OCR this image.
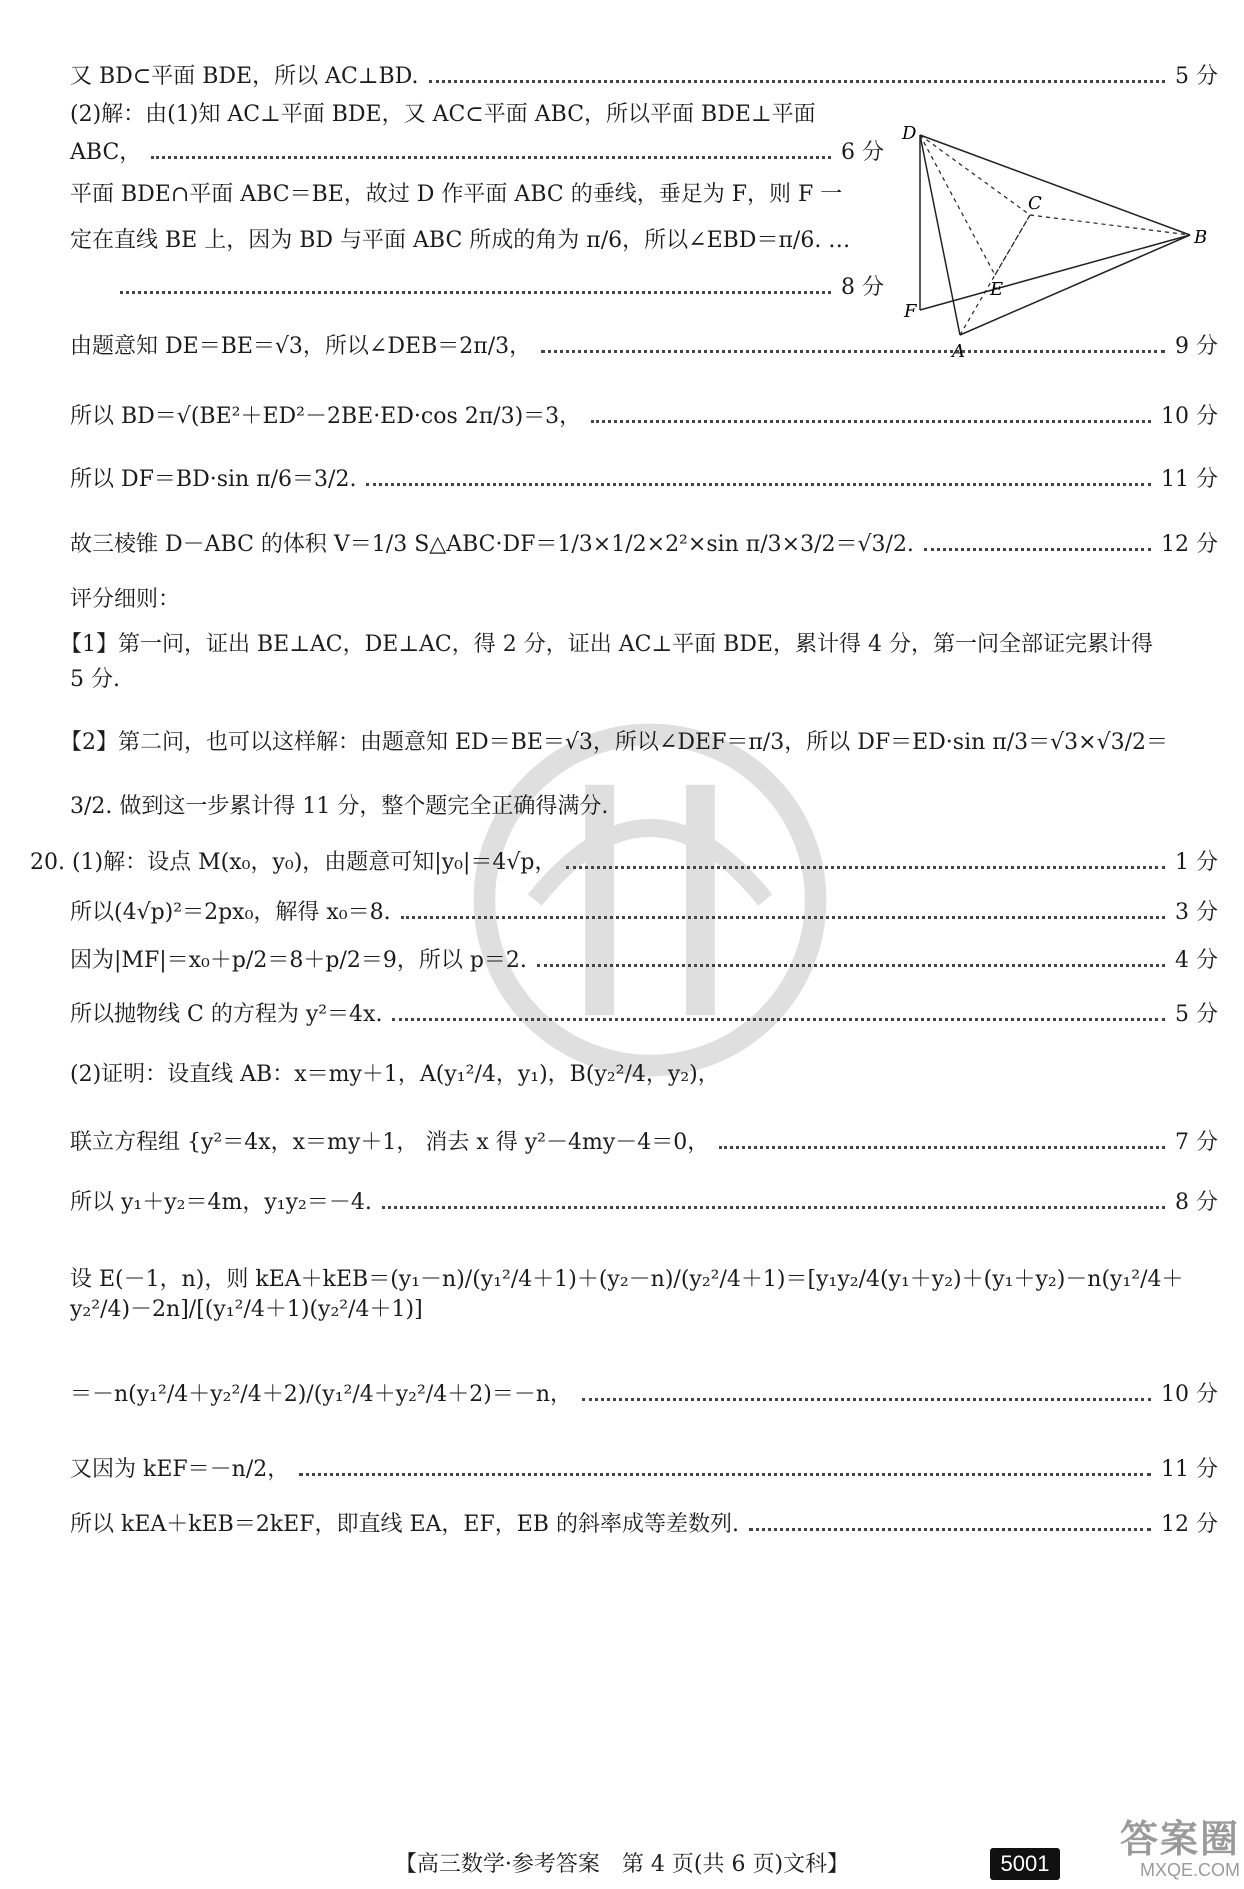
又 BD⊂平面 BDE，所以 AC⊥BD.	5 分
(2)解：由(1)知 AC⊥平面 BDE，又 AC⊂平面 ABC，所以平面 BDE⊥平面
ABC，	6 分
平面 BDE∩平面 ABC＝BE，故过 D 作平面 ABC 的垂线，垂足为 F，则 F 一
定在直线 BE 上，因为 BD 与平面 ABC 所成的角为 π/6，所以∠EBD＝π/6. …
8 分
D
C
B
E
F
A
由题意知 DE＝BE＝√3，所以∠DEB＝2π/3，	9 分
所以 BD＝√(BE²＋ED²－2BE·ED·cos 2π/3)＝3，	10 分
所以 DF＝BD·sin π/6＝3/2.	11 分
故三棱锥 D－ABC 的体积 V＝1/3 S△ABC·DF＝1/3×1/2×2²×sin π/3×3/2＝√3/2.	12 分
评分细则：
【1】第一问，证出 BE⊥AC，DE⊥AC，得 2 分，证出 AC⊥平面 BDE，累计得 4 分，第一问全部证完累计得
5 分.
【2】第二问，也可以这样解：由题意知 ED＝BE＝√3，所以∠DEF＝π/3，所以 DF＝ED·sin π/3＝√3×√3/2＝
3/2. 做到这一步累计得 11 分，整个题完全正确得满分.
20. (1)解：设点 M(x₀，y₀)，由题意可知|y₀|＝4√p，	1 分
所以(4√p)²＝2px₀，解得 x₀＝8.	3 分
因为|MF|＝x₀＋p/2＝8＋p/2＝9，所以 p＝2.	4 分
所以抛物线 C 的方程为 y²＝4x.	5 分
(2)证明：设直线 AB：x＝my＋1，A(y₁²/4，y₁)，B(y₂²/4，y₂)，
联立方程组 {y²＝4x，x＝my＋1， 消去 x 得 y²－4my－4＝0，	7 分
所以 y₁＋y₂＝4m，y₁y₂＝－4.	8 分
设 E(－1，n)，则 kEA＋kEB＝(y₁－n)/(y₁²/4＋1)＋(y₂－n)/(y₂²/4＋1)＝[y₁y₂/4(y₁＋y₂)＋(y₁＋y₂)－n(y₁²/4＋y₂²/4)－2n]/[(y₁²/4＋1)(y₂²/4＋1)]
＝－n(y₁²/4＋y₂²/4＋2)/(y₁²/4＋y₂²/4＋2)＝－n，	10 分
又因为 kEF＝－n/2，	11 分
所以 kEA＋kEB＝2kEF，即直线 EA，EF，EB 的斜率成等差数列.	12 分
【高三数学·参考答案　第 4 页(共 6 页)文科】	5001
答案圈
MXQE.COM
